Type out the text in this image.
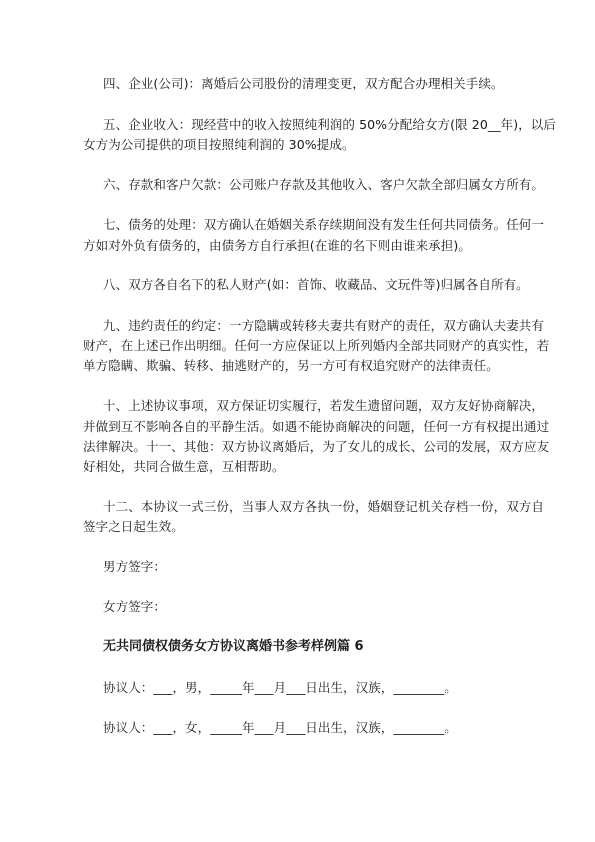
四、企业(公司)：离婚后公司股份的清理变更，双方配合办理相关手续。
五、企业收入：现经营中的收入按照纯利润的 50%分配给女方(限 20__年)，以后
女方为公司提供的项目按照纯利润的 30%提成。
六、存款和客户欠款：公司账户存款及其他收入、客户欠款全部归属女方所有。
七、债务的处理：双方确认在婚姻关系存续期间没有发生任何共同债务。任何一
方如对外负有债务的，由债务方自行承担(在谁的名下则由谁来承担)。
八、双方各自名下的私人财产(如：首饰、收藏品、文玩件等)归属各自所有。
九、违约责任的约定：一方隐瞒或转移夫妻共有财产的责任，双方确认夫妻共有
财产，在上述已作出明细。任何一方应保证以上所列婚内全部共同财产的真实性，若
单方隐瞒、欺骗、转移、抽逃财产的，另一方可有权追究财产的法律责任。
十、上述协议事项，双方保证切实履行，若发生遗留问题，双方友好协商解决，
并做到互不影响各自的平静生活。如遇不能协商解决的问题，任何一方有权提出通过
法律解决。十一、其他：双方协议离婚后，为了女儿的成长、公司的发展，双方应友
好相处，共同合做生意，互相帮助。
十二、本协议一式三份，当事人双方各执一份，婚姻登记机关存档一份，双方自
签字之日起生效。
男方签字：
女方签字：
无共同债权债务女方协议离婚书参考样例篇 6
协议人：___，男，_____年___月___日出生，汉族，________。
协议人：___，女，_____年___月___日出生，汉族，________。
